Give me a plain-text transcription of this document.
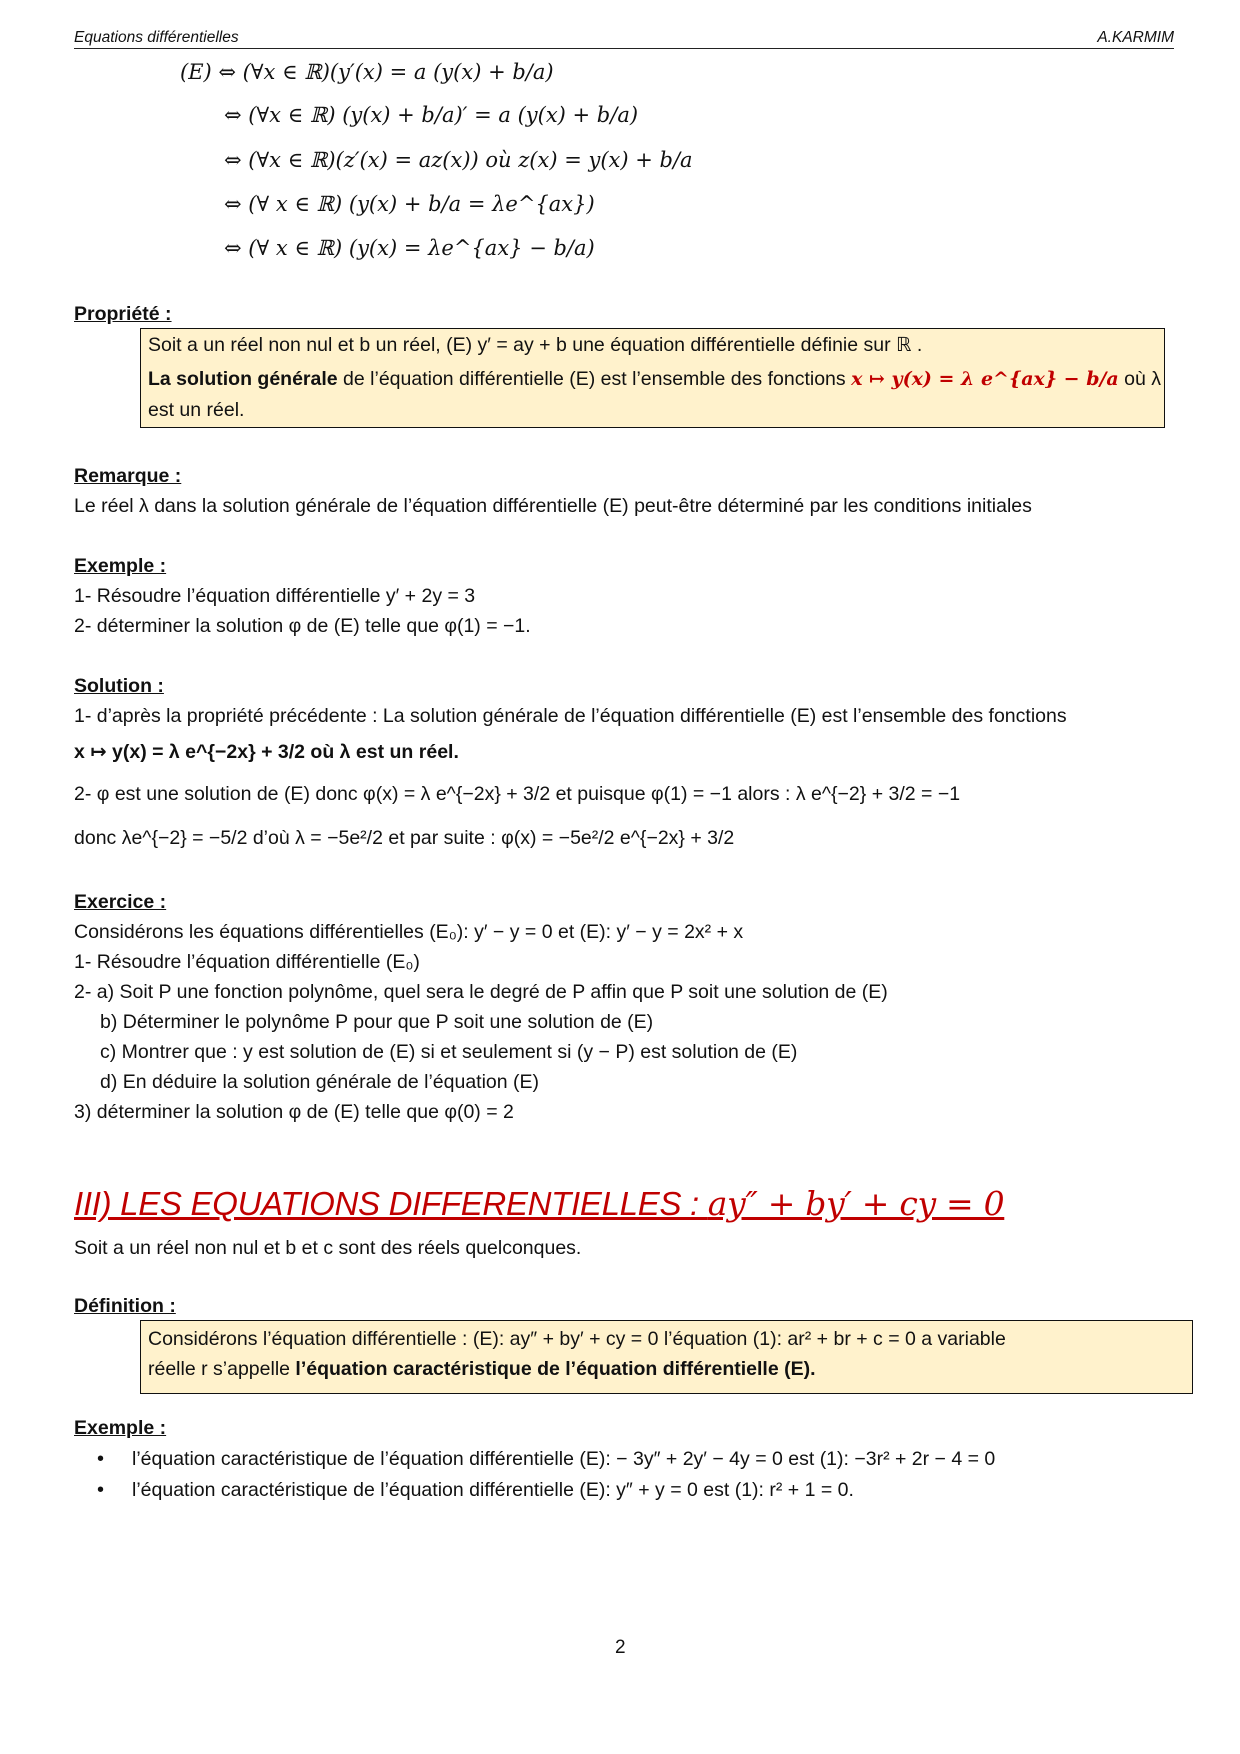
Equations différentielles	A.KARMIM
(E) ⇔ (∀x ∈ ℝ)(y′(x) = a (y(x) + b/a)
⇔ (∀x ∈ ℝ) (y(x) + b/a)′ = a (y(x) + b/a)
⇔ (∀x ∈ ℝ)(z′(x) = az(x)) où z(x) = y(x) + b/a
⇔ (∀ x ∈ ℝ) (y(x) + b/a = λe^{ax})
⇔ (∀ x ∈ ℝ) (y(x) = λe^{ax} − b/a)
Propriété :
Soit a un réel non nul et b un réel, (E) y′ = ay + b une équation différentielle définie sur ℝ .
La solution générale de l’équation différentielle (E) est l’ensemble des fonctions x ↦ y(x) = λ e^{ax} − b/a où λ
est un réel.
Remarque :
Le réel λ dans la solution générale de l’équation différentielle (E) peut-être déterminé par les conditions initiales
Exemple :
1- Résoudre l’équation différentielle y′ + 2y = 3
2- déterminer la solution φ de (E) telle que φ(1) = −1.
Solution :
1- d’après la propriété précédente : La solution générale de l’équation différentielle (E) est l’ensemble des fonctions
x ↦ y(x) = λ e^{−2x} + 3/2 où λ est un réel.
2- φ est une solution de (E) donc φ(x) = λ e^{−2x} + 3/2 et puisque φ(1) = −1 alors : λ e^{−2} + 3/2 = −1
donc λe^{−2} = −5/2 d’où λ = −5e²/2 et par suite : φ(x) = −5e²/2 e^{−2x} + 3/2
Exercice :
Considérons les équations différentielles (E₀): y′ − y = 0 et (E): y′ − y = 2x² + x
1- Résoudre l’équation différentielle (E₀)
2- a) Soit P une fonction polynôme, quel sera le degré de P affin que P soit une solution de (E)
b) Déterminer le polynôme P pour que P soit une solution de (E)
c) Montrer que : y est solution de (E) si et seulement si (y − P) est solution de (E)
d) En déduire la solution générale de l’équation (E)
3) déterminer la solution φ de (E) telle que φ(0) = 2
III) LES EQUATIONS DIFFERENTIELLES : ay″ + by′ + cy = 0
Soit a un réel non nul et b et c sont des réels quelconques.
Définition :
Considérons l’équation différentielle : (E): ay″ + by′ + cy = 0 l’équation (1): ar² + br + c = 0 a variable
réelle r s’appelle l’équation caractéristique de l’équation différentielle (E).
Exemple :
• l’équation caractéristique de l’équation différentielle (E): − 3y″ + 2y′ − 4y = 0 est (1): −3r² + 2r − 4 = 0
• l’équation caractéristique de l’équation différentielle (E): y″ + y = 0 est (1): r² + 1 = 0.
2
